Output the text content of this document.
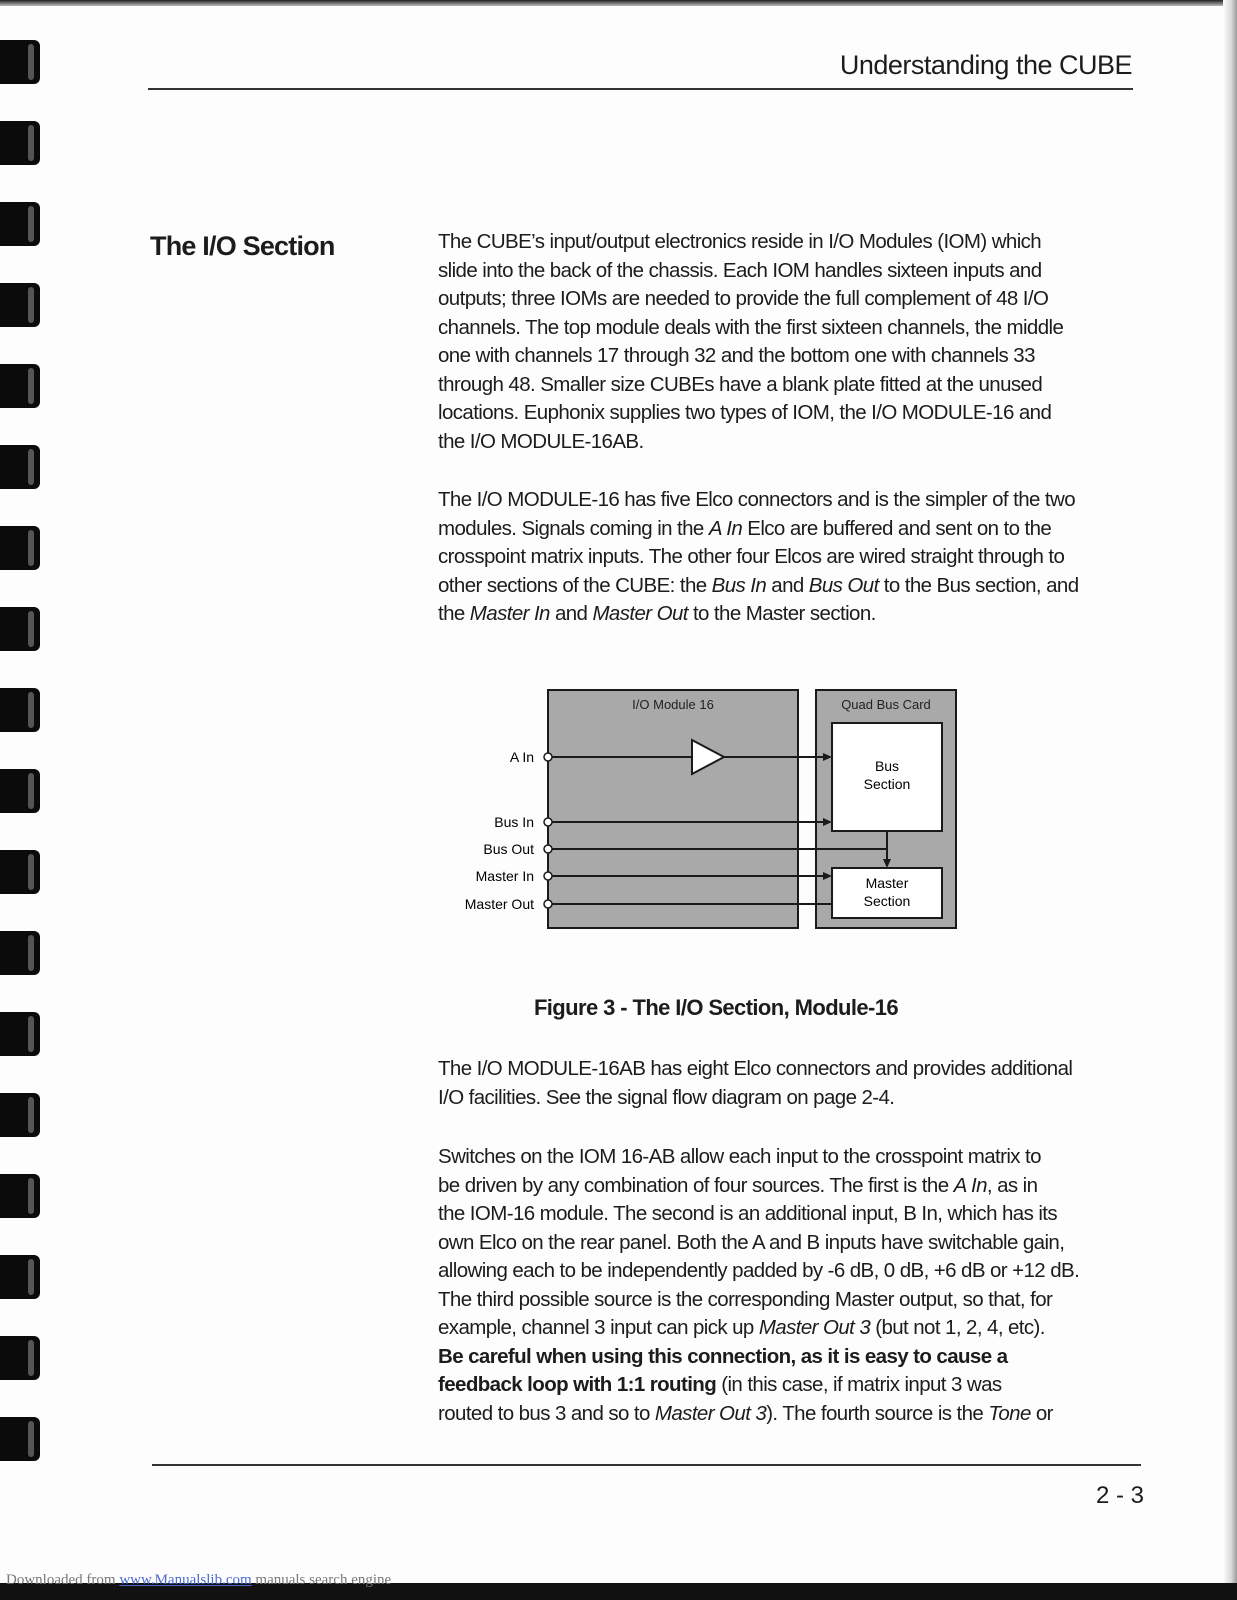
Understanding the CUBE
The I/O Section	The CUBE’s input/output electronics reside in I/O Modules (IOM) which
slide into the back of the chassis. Each IOM handles sixteen inputs and
outputs; three IOMs are needed to provide the full complement of 48 I/O
channels. The top module deals with the first sixteen channels, the middle
one with channels 17 through 32 and the bottom one with channels 33
through 48. Smaller size CUBEs have a blank plate fitted at the unused
locations. Euphonix supplies two types of IOM, the I/O MODULE-16 and
the I/O MODULE-16AB.
The I/O MODULE-16 has five Elco connectors and is the simpler of the two
modules. Signals coming in the A In Elco are buffered and sent on to the
crosspoint matrix inputs. The other four Elcos are wired straight through to
other sections of the CUBE: the Bus In and Bus Out to the Bus section, and
the Master In and Master Out to the Master section.
I/O Module 16	Quad Bus Card
Bus
Section
Master
Section
A In
Bus In
Bus Out
Master In
Master Out
Figure 3 - The I/O Section, Module-16
The I/O MODULE-16AB has eight Elco connectors and provides additional
I/O facilities. See the signal flow diagram on page 2-4.
Switches on the IOM 16-AB allow each input to the crosspoint matrix to
be driven by any combination of four sources. The first is the A In, as in
the IOM-16 module. The second is an additional input, B In, which has its
own Elco on the rear panel. Both the A and B inputs have switchable gain,
allowing each to be independently padded by -6 dB, 0 dB, +6 dB or +12 dB.
The third possible source is the corresponding Master output, so that, for
example, channel 3 input can pick up Master Out 3 (but not 1, 2, 4, etc).
Be careful when using this connection, as it is easy to cause a
feedback loop with 1:1 routing (in this case, if matrix input 3 was
routed to bus 3 and so to Master Out 3). The fourth source is the Tone or
2 - 3
Downloaded from www.Manualslib.com manuals search engine
